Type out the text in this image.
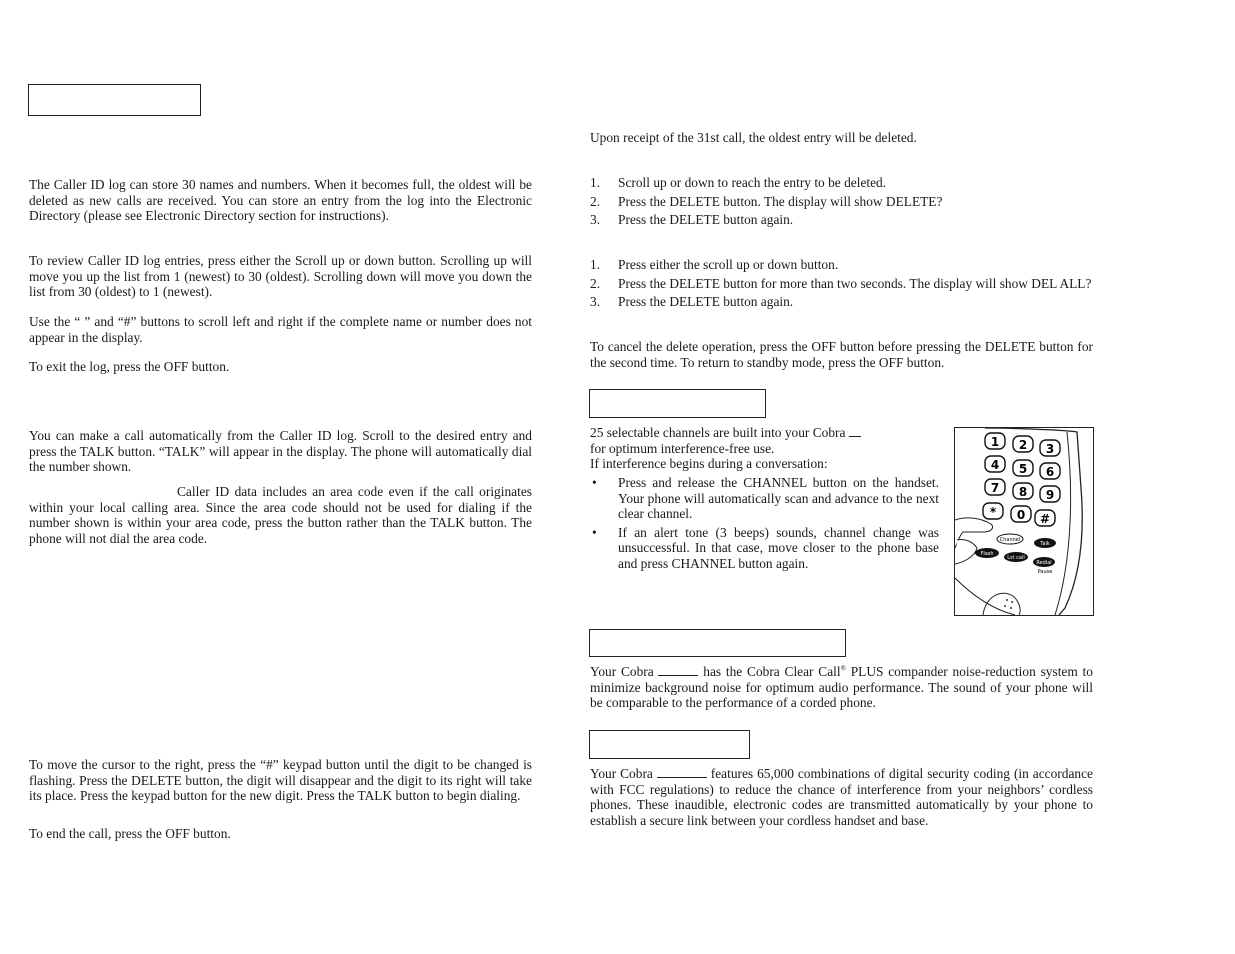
The Caller ID log can store 30 names and numbers. When it becomes full, the oldest will be deleted as new calls are received. You can store an entry from the log into the Electronic Directory (please see Electronic Directory section for instructions).

To review Caller ID log entries, press either the Scroll up or down button. Scrolling up will move you up the list from 1 (newest) to 30 (oldest). Scrolling down will move you down the list from 30 (oldest) to 1 (newest).

Use the “ ” and “#” buttons to scroll left and right if the complete name or number does not appear in the display.

To exit the log, press the OFF button.

You can make a call automatically from the Caller ID log. Scroll to the desired entry and press the TALK button. “TALK” will appear in the display. The phone will automatically dial the number shown.

Caller ID data includes an area code even if the call originates within your local calling area. Since the area code should not be used for dialing if the number shown is within your area code, press the button rather than the TALK button. The phone will not dial the area code.

To move the cursor to the right, press the “#” keypad button until the digit to be changed is flashing. Press the DELETE button, the digit will disappear and the digit to its right will take its place. Press the keypad button for the new digit. Press the TALK button to begin dialing.

To end the call, press the OFF button.

Upon receipt of the 31st call, the oldest entry will be deleted.

1. Scroll up or down to reach the entry to be deleted.
2. Press the DELETE button. The display will show DELETE?
3. Press the DELETE button again.
1. Press either the scroll up or down button.
2. Press the DELETE button for more than two seconds. The display will show DEL ALL?
3. Press the DELETE button again.

To cancel the delete operation, press the OFF button before pressing the DELETE button for the second time. To return to standby mode, press the OFF button.

25 selectable channels are built into your Cobra
for optimum interference-free use.
If interference begins during a conversation:

• Press and release the CHANNEL button on the handset. Your phone will automatically scan and advance to the next clear channel.
• If an alert tone (3 beeps) sounds, channel change was unsuccessful. In that case, move closer to the phone base and press CHANNEL button again.
1 2 3
4 5 6
7 8 9
* 0 #
Channel
Talk
Flash
Lst call
Redial
Pause

Your Cobra	has the Cobra Clear Call® PLUS compander noise-reduction system to minimize background noise for optimum audio performance. The sound of your phone will be comparable to the performance of a corded phone.

Your Cobra	features 65,000 combinations of digital security coding (in accordance with FCC regulations) to reduce the chance of interference from your neighbors’ cordless phones. These inaudible, electronic codes are transmitted automatically by your phone to establish a secure link between your cordless handset and base.
